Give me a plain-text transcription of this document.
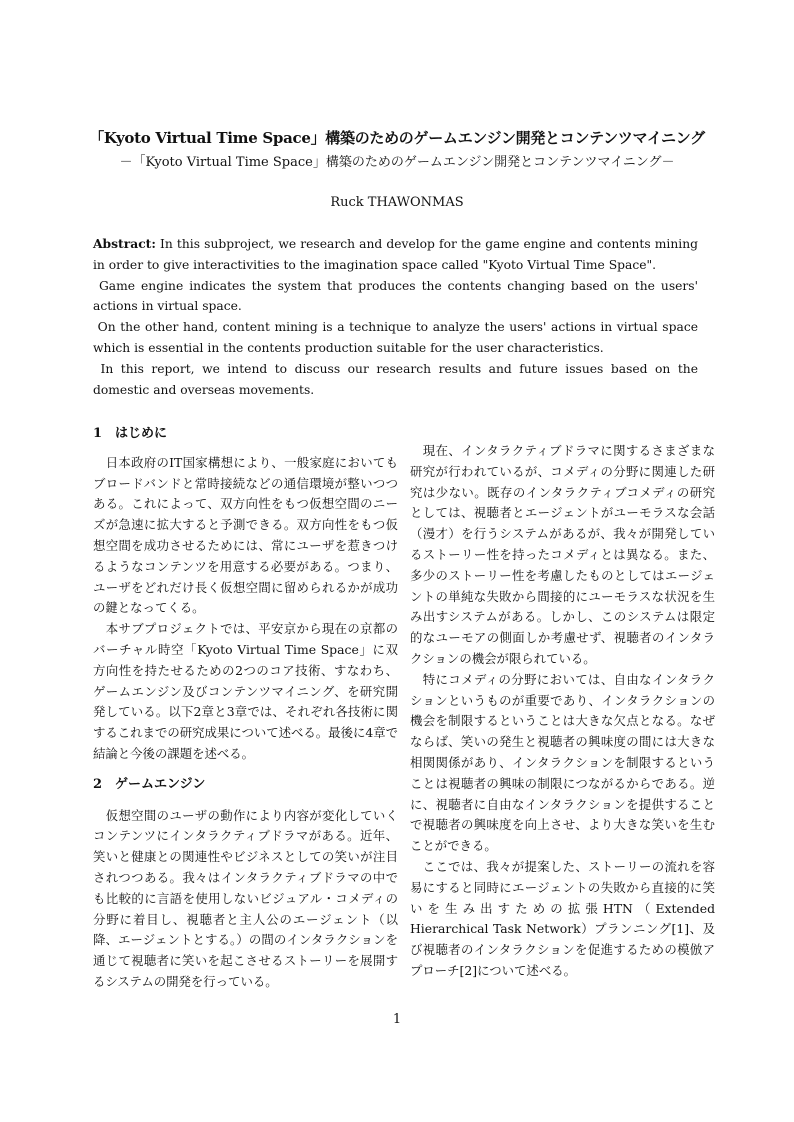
「Kyoto Virtual Time Space」構築のためのゲームエンジン開発とコンテンツマイニング
－「Kyoto Virtual Time Space」構築のためのゲームエンジン開発とコンテンツマイニング－
Ruck THAWONMAS

Abstract: In this subproject, we research and develop for the game engine and contents mining in order to give interactivities to the imagination space called "Kyoto Virtual Time Space".

Game engine indicates the system that produces the contents changing based on the users' actions in virtual space.

On the other hand, content mining is a technique to analyze the users' actions in virtual space which is essential in the contents production suitable for the user characteristics.

In this report, we intend to discuss our research results and future issues based on the domestic and overseas movements.

1 はじめに

　日本政府のIT国家構想により、一般家庭においてもブロードバンドと常時接続などの通信環境が整いつつある。これによって、双方向性をもつ仮想空間のニーズが急速に拡大すると予測できる。双方向性をもつ仮想空間を成功させるためには、常にユーザを惹きつけるようなコンテンツを用意する必要がある。つまり、ユーザをどれだけ長く仮想空間に留められるかが成功の鍵となってくる。

　本サブプロジェクトでは、平安京から現在の京都のバーチャル時空「Kyoto Virtual Time Space」に双方向性を持たせるための2つのコア技術、すなわち、ゲームエンジン及びコンテンツマイニング、を研究開発している。以下2章と3章では、それぞれ各技術に関するこれまでの研究成果について述べる。最後に4章で結論と今後の課題を述べる。

2 ゲームエンジン

　仮想空間のユーザの動作により内容が変化していくコンテンツにインタラクティブドラマがある。近年、笑いと健康との関連性やビジネスとしての笑いが注目されつつある。我々はインタラクティブドラマの中でも比較的に言語を使用しないビジュアル・コメディの分野に着目し、視聴者と主人公のエージェント（以降、エージェントとする。）の間のインタラクションを通じて視聴者に笑いを起こさせるストーリーを展開するシステムの開発を行っている。

　現在、インタラクティブドラマに関するさまざまな研究が行われているが、コメディの分野に関連した研究は少ない。既存のインタラクティブコメディの研究としては、視聴者とエージェントがユーモラスな会話（漫才）を行うシステムがあるが、我々が開発しているストーリー性を持ったコメディとは異なる。また、多少のストーリー性を考慮したものとしてはエージェントの単純な失敗から間接的にユーモラスな状況を生み出すシステムがある。しかし、このシステムは限定的なユーモアの側面しか考慮せず、視聴者のインタラクションの機会が限られている。

　特にコメディの分野においては、自由なインタラクションというものが重要であり、インタラクションの機会を制限するということは大きな欠点となる。なぜならば、笑いの発生と視聴者の興味度の間には大きな相関関係があり、インタラクションを制限するということは視聴者の興味の制限につながるからである。逆に、視聴者に自由なインタラクションを提供することで視聴者の興味度を向上させ、より大きな笑いを生むことができる。

　ここでは、我々が提案した、ストーリーの流れを容易にすると同時にエージェントの失敗から直接的に笑いを生み出すための拡張HTN（Extended Hierarchical Task Network）プランニング[1]、及び視聴者のインタラクションを促進するための模倣アプローチ[2]について述べる。

1
